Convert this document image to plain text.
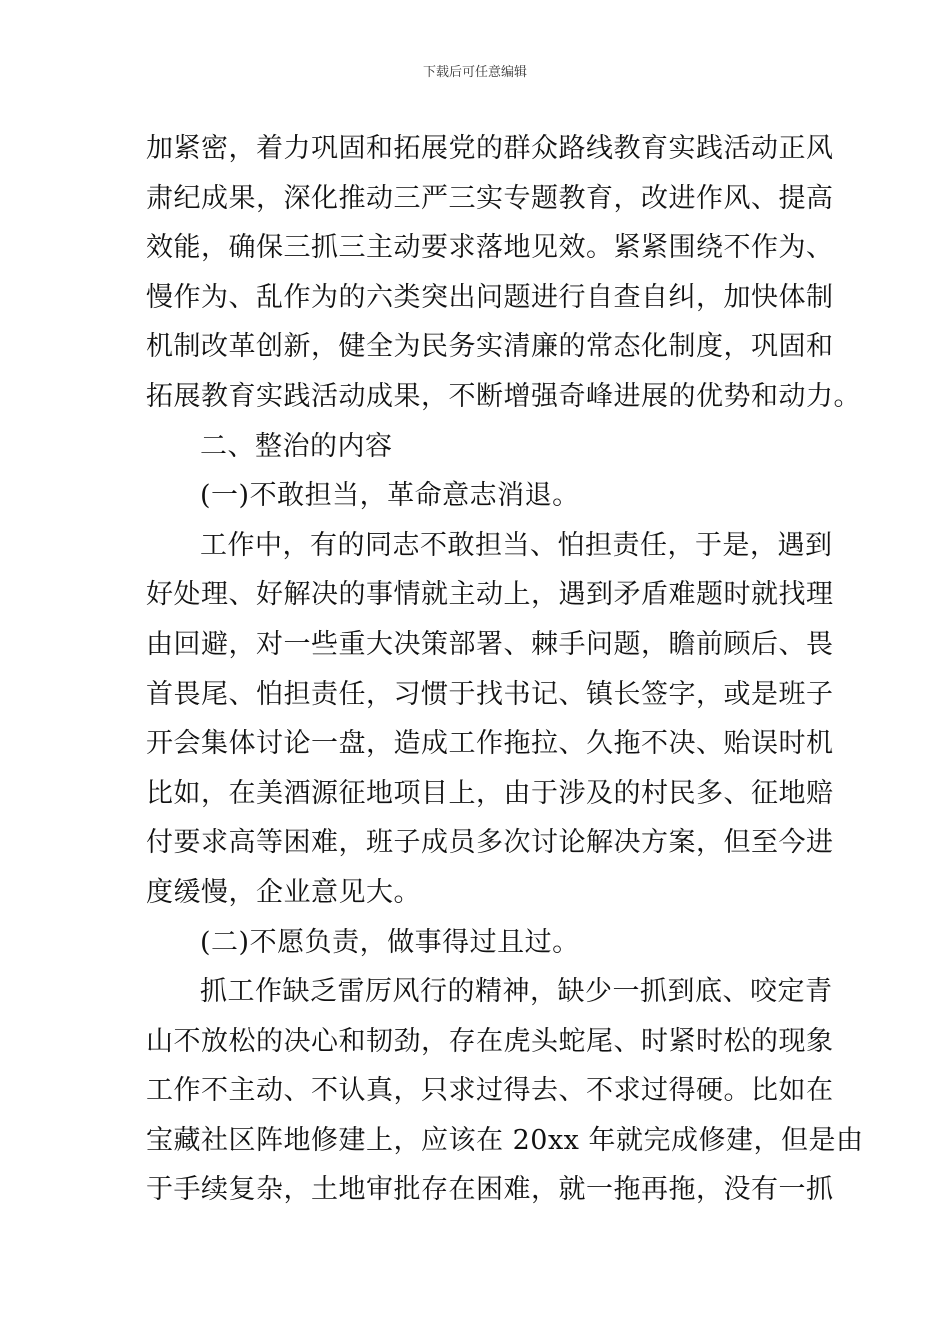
下载后可任意编辑
加紧密，着力巩固和拓展党的群众路线教育实践活动正风
肃纪成果，深化推动三严三实专题教育，改进作风、提高
效能，确保三抓三主动要求落地见效。紧紧围绕不作为、
慢作为、乱作为的六类突出问题进行自查自纠，加快体制
机制改革创新，健全为民务实清廉的常态化制度，巩固和
拓展教育实践活动成果，不断增强奇峰进展的优势和动力。
二、整治的内容
(一)不敢担当，革命意志消退。
工作中，有的同志不敢担当、怕担责任，于是，遇到
好处理、好解决的事情就主动上，遇到矛盾难题时就找理
由回避，对一些重大决策部署、棘手问题，瞻前顾后、畏
首畏尾、怕担责任，习惯于找书记、镇长签字，或是班子
开会集体讨论一盘，造成工作拖拉、久拖不决、贻误时机
比如，在美酒源征地项目上，由于涉及的村民多、征地赔
付要求高等困难，班子成员多次讨论解决方案，但至今进
度缓慢，企业意见大。
(二)不愿负责，做事得过且过。
抓工作缺乏雷厉风行的精神，缺少一抓到底、咬定青
山不放松的决心和韧劲，存在虎头蛇尾、时紧时松的现象
工作不主动、不认真，只求过得去、不求过得硬。比如在
宝藏社区阵地修建上，应该在 20xx 年就完成修建，但是由
于手续复杂，土地审批存在困难，就一拖再拖，没有一抓
